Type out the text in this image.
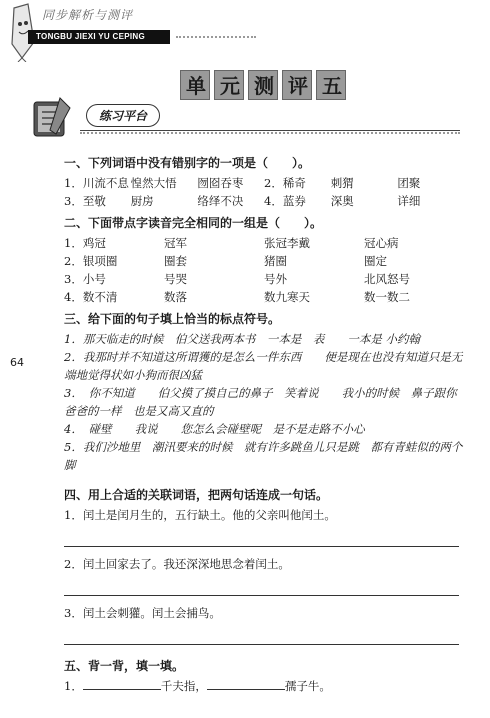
同步解析与测评
TONGBU JIEXI YU CEPING
单元测评五
练习平台
64
一、下列词语中没有错别字的一项是（　　）。
1．川流不息 惶然大悟	囫囵吞枣	2．稀奇	刺猬	团聚
3．至敬	厨房	络绎不决	4．蓝券	深奥	详细
二、下面带点字读音完全相同的一组是（　　）。
1．鸡冠	冠军	张冠李戴	冠心病
2．银项圈	圈套	猪圈	圈定
3．小号	号哭	号外	北风怒号
4．数不清	数落	数九寒天	数一数二
三、给下面的句子填上恰当的标点符号。

1．那天临走的时候　伯父送我两本书　一本是　表　　一本是 小约翰

2．我那时并不知道这所谓獲的是怎么一件东西　　便是现在也没有知道只是无端地觉得状如小狗而很凶猛

3．　你不知道　　伯父摸了摸自己的鼻子　笑着说　　我小的时候　鼻子跟你爸爸的一样　也是又高又直的

4．　碰壁　　我说　　您怎么会碰壁呢　是不是走路不小心

5．我们沙地里　潮汛要来的时候　就有许多跳鱼儿只是跳　都有青蛙似的两个脚

四、用上合适的关联词语，把两句话连成一句话。

1．闰土是闰月生的，五行缺土。他的父亲叫他闰土。

2．闰土回家去了。我还深深地思念着闰土。

3．闰土会刺獾。闰土会捕鸟。

五、背一背，填一填。

1．	千夫指，	孺子牛。
